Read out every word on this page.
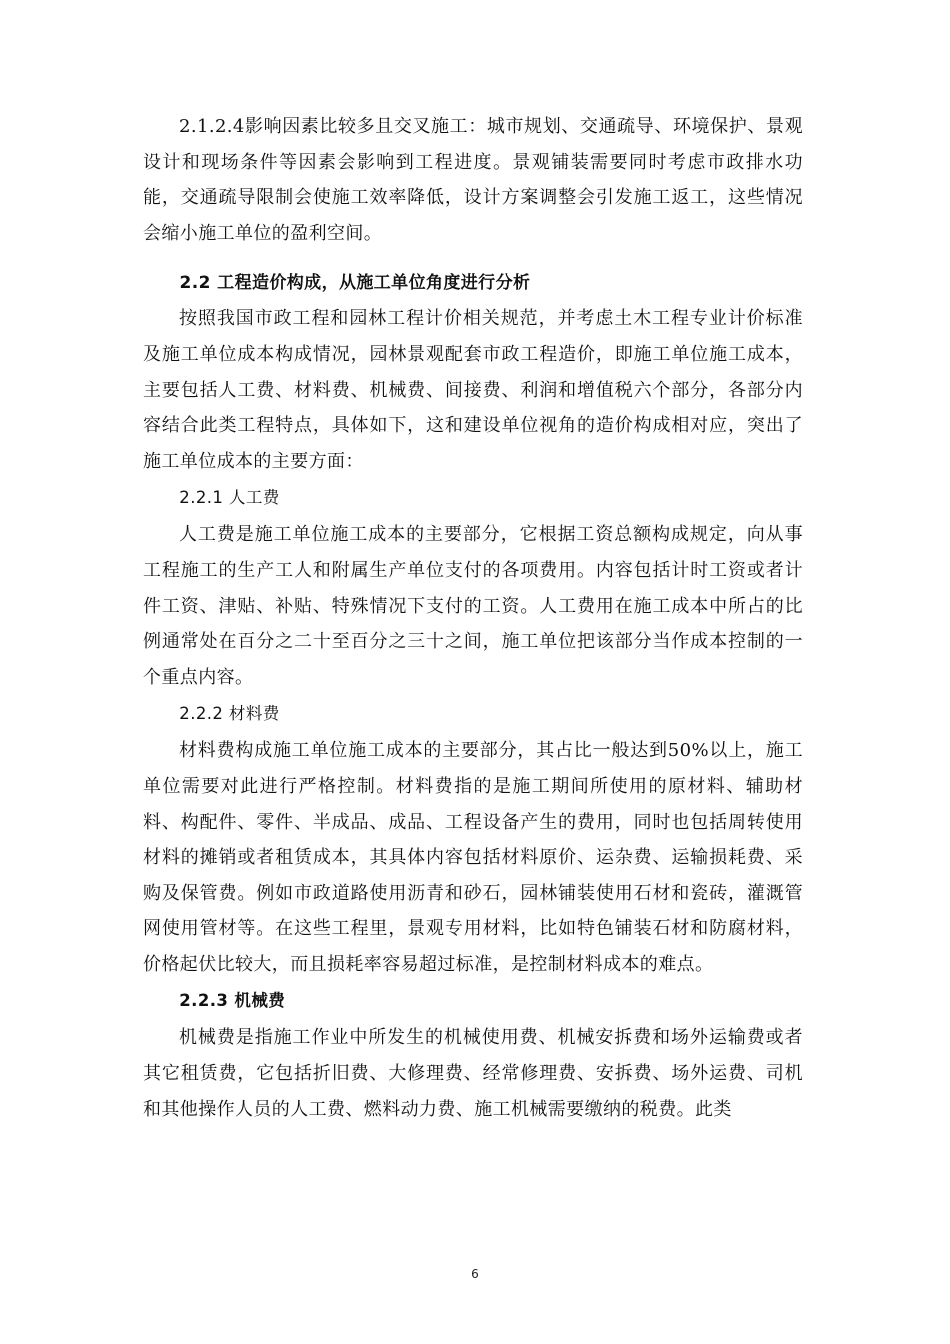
2.1.2.4影响因素比较多且交叉施工：城市规划、交通疏导、环境保护、景观设计和现场条件等因素会影响到工程进度。景观铺装需要同时考虑市政排水功能，交通疏导限制会使施工效率降低，设计方案调整会引发施工返工，这些情况会缩小施工单位的盈利空间。

2.2 工程造价构成，从施工单位角度进行分析

按照我国市政工程和园林工程计价相关规范，并考虑土木工程专业计价标准及施工单位成本构成情况，园林景观配套市政工程造价，即施工单位施工成本，主要包括人工费、材料费、机械费、间接费、利润和增值税六个部分，各部分内容结合此类工程特点，具体如下，这和建设单位视角的造价构成相对应，突出了施工单位成本的主要方面：

2.2.1 人工费

人工费是施工单位施工成本的主要部分，它根据工资总额构成规定，向从事工程施工的生产工人和附属生产单位支付的各项费用。内容包括计时工资或者计件工资、津贴、补贴、特殊情况下支付的工资。人工费用在施工成本中所占的比例通常处在百分之二十至百分之三十之间，施工单位把该部分当作成本控制的一个重点内容。

2.2.2 材料费

材料费构成施工单位施工成本的主要部分，其占比一般达到50%以上，施工单位需要对此进行严格控制。材料费指的是施工期间所使用的原材料、辅助材料、构配件、零件、半成品、成品、工程设备产生的费用，同时也包括周转使用材料的摊销或者租赁成本，其具体内容包括材料原价、运杂费、运输损耗费、采购及保管费。例如市政道路使用沥青和砂石，园林铺装使用石材和瓷砖，灌溉管网使用管材等。在这些工程里，景观专用材料，比如特色铺装石材和防腐材料，价格起伏比较大，而且损耗率容易超过标准，是控制材料成本的难点。

2.2.3 机械费

机械费是指施工作业中所发生的机械使用费、机械安拆费和场外运输费或者其它租赁费，它包括折旧费、大修理费、经常修理费、安拆费、场外运费、司机和其他操作人员的人工费、燃料动力费、施工机械需要缴纳的税费。此类

6
